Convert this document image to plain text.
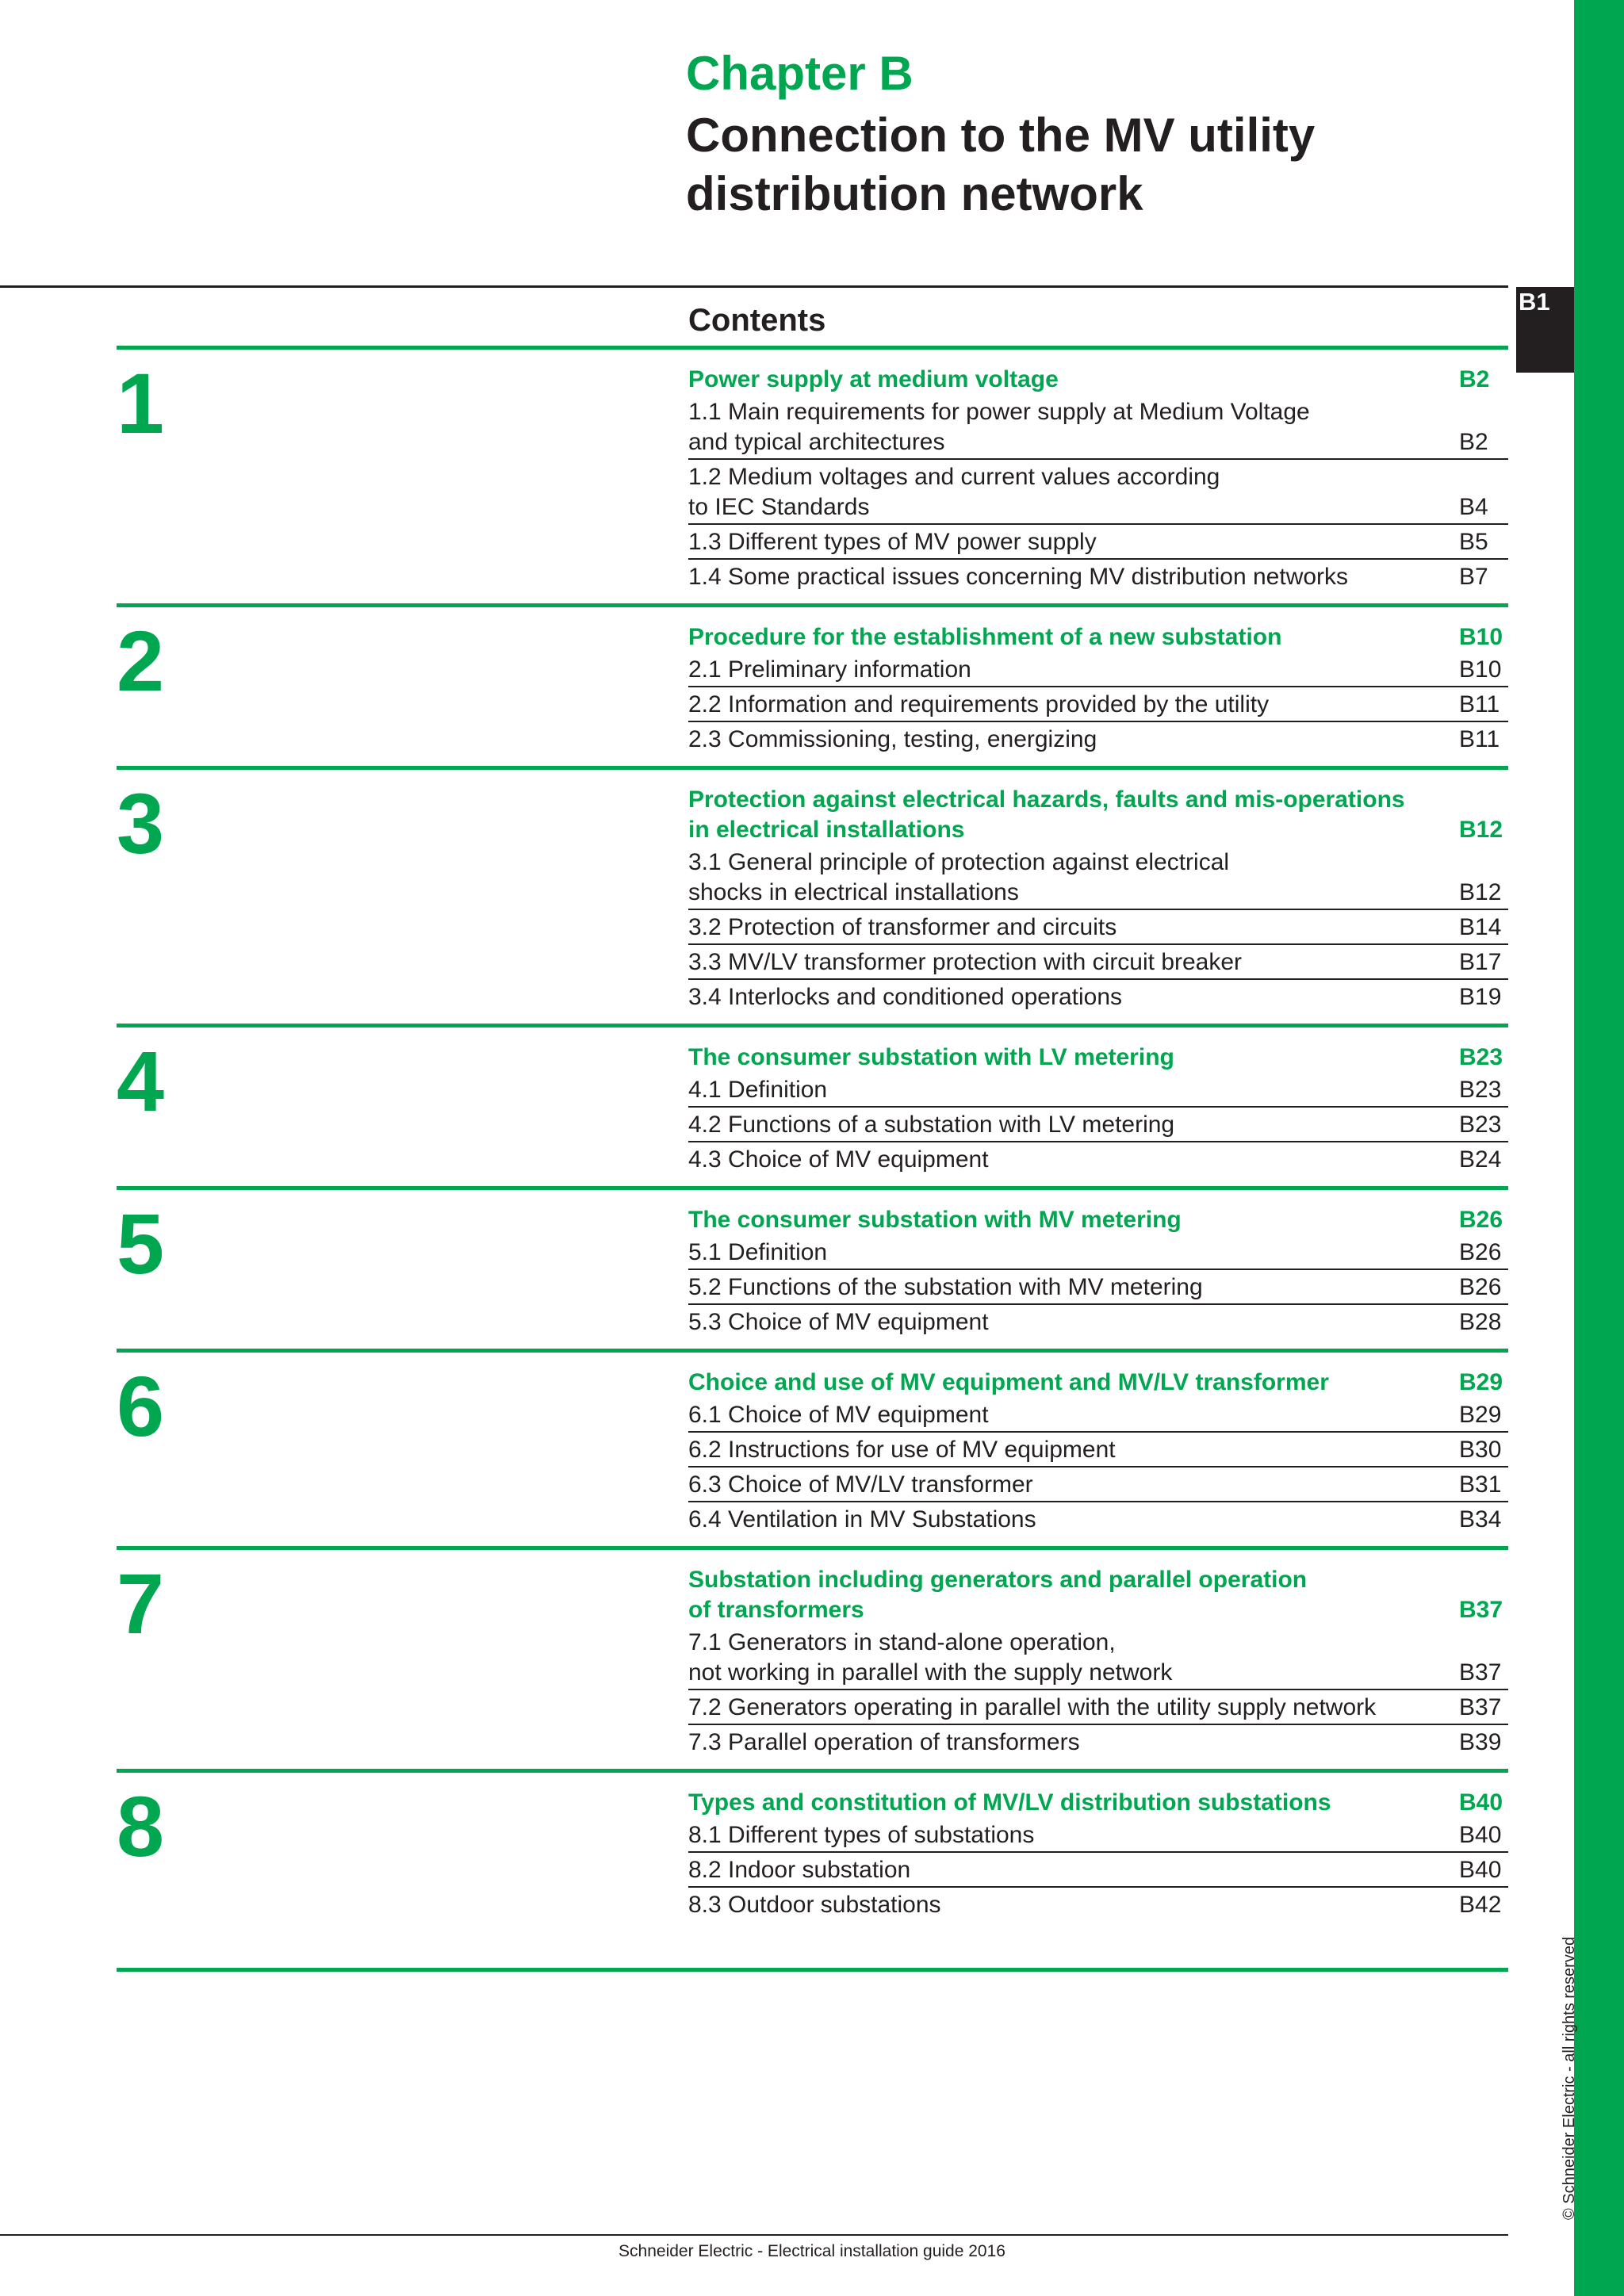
B1
Chapter B
Connection to the MV utility distribution network
Contents
1	Power supply at medium voltage	B2
1.1 Main requirements for power supply at Medium Voltage
and typical architectures	B2
1.2 Medium voltages and current values according
to IEC Standards	B4
1.3 Different types of MV power supply	B5
1.4 Some practical issues concerning MV distribution networks	B7
2	Procedure for the establishment of a new substation	B10
2.1 Preliminary information	B10
2.2 Information and requirements provided by the utility	B11
2.3 Commissioning, testing, energizing	B11
3	Protection against electrical hazards, faults and mis-operations
in electrical installations	B12
3.1 General principle of protection against electrical
shocks in electrical installations	B12
3.2 Protection of transformer and circuits	B14
3.3 MV/LV transformer protection with circuit breaker	B17
3.4 Interlocks and conditioned operations	B19
4	The consumer substation with LV metering	B23
4.1 Definition	B23
4.2 Functions of a substation with LV metering	B23
4.3 Choice of MV equipment	B24
5	The consumer substation with MV metering	B26
5.1 Definition	B26
5.2 Functions of the substation with MV metering	B26
5.3 Choice of MV equipment	B28
6	Choice and use of MV equipment and MV/LV transformer	B29
6.1 Choice of MV equipment	B29
6.2 Instructions for use of MV equipment	B30
6.3 Choice of MV/LV transformer	B31
6.4 Ventilation in MV Substations	B34
7	Substation including generators and parallel operation
of transformers	B37
7.1 Generators in stand-alone operation,
not working in parallel with the supply network	B37
7.2 Generators operating in parallel with the utility supply network	B37
7.3 Parallel operation of transformers	B39
8	Types and constitution of MV/LV distribution substations	B40
8.1 Different types of substations	B40
8.2 Indoor substation	B40
8.3 Outdoor substations	B42
© Schneider Electric - all rights reserved
Schneider Electric - Electrical installation guide 2016
